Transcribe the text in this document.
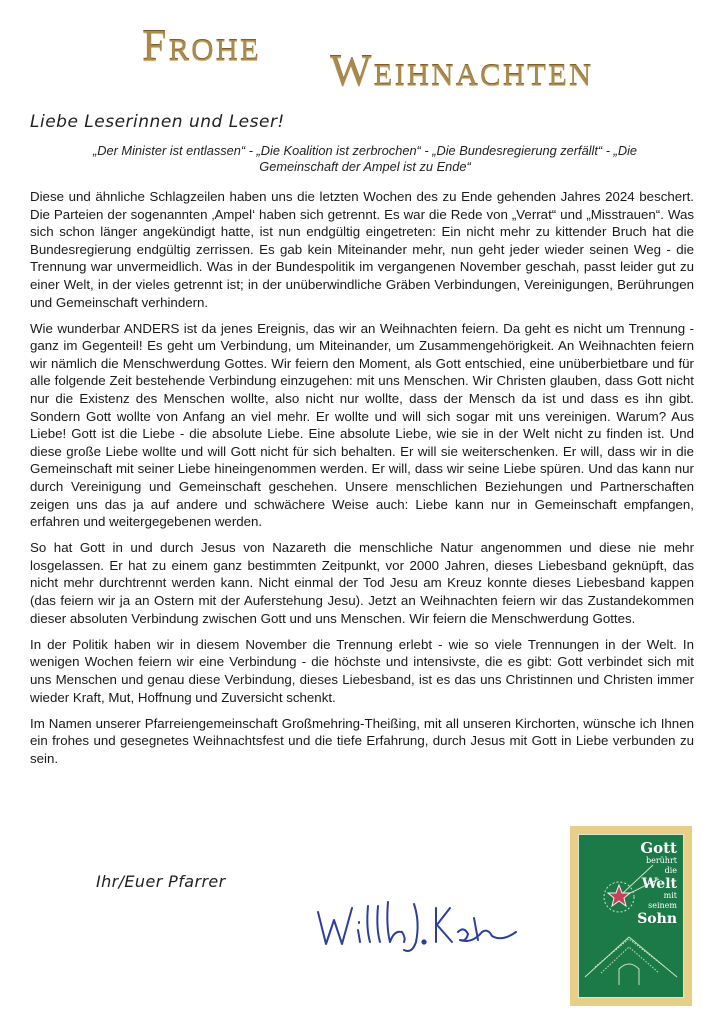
Frohe
Weihnachten
Liebe Leserinnen und Leser!
„Der Minister ist entlassen“ - „Die Koalition ist zerbrochen“ - „Die Bundesregierung zerfällt“ - „Die Gemeinschaft der Ampel ist zu Ende“

Diese und ähnliche Schlagzeilen haben uns die letzten Wochen des zu Ende gehenden Jahres 2024 beschert. Die Parteien der sogenannten ‚Ampel‘ haben sich getrennt. Es war die Rede von „Verrat“ und „Misstrauen“. Was sich schon länger angekündigt hatte, ist nun endgültig eingetreten: Ein nicht mehr zu kittender Bruch hat die Bundesregierung endgültig zerrissen. Es gab kein Miteinander mehr, nun geht jeder wieder seinen Weg - die Trennung war unvermeidlich. Was in der Bundespolitik im vergangenen November geschah, passt leider gut zu einer Welt, in der vieles getrennt ist; in der unüberwindliche Gräben Verbindungen, Vereinigungen, Berührungen und Gemeinschaft verhindern.

Wie wunderbar ANDERS ist da jenes Ereignis, das wir an Weihnachten feiern. Da geht es nicht um Trennung - ganz im Gegenteil! Es geht um Verbindung, um Miteinander, um Zusammengehörigkeit. An Weihnachten feiern wir nämlich die Menschwerdung Gottes. Wir feiern den Moment, als Gott entschied, eine unüberbietbare und für alle folgende Zeit bestehende Verbindung einzugehen: mit uns Menschen. Wir Christen glauben, dass Gott nicht nur die Existenz des Menschen wollte, also nicht nur wollte, dass der Mensch da ist und dass es ihn gibt. Sondern Gott wollte von Anfang an viel mehr. Er wollte und will sich sogar mit uns vereinigen. Warum? Aus Liebe! Gott ist die Liebe - die absolute Liebe. Eine absolute Liebe, wie sie in der Welt nicht zu finden ist. Und diese große Liebe wollte und will Gott nicht für sich behalten. Er will sie weiterschenken. Er will, dass wir in die Gemeinschaft mit seiner Liebe hineingenommen werden. Er will, dass wir seine Liebe spüren. Und das kann nur durch Vereinigung und Gemeinschaft geschehen. Unsere menschlichen Beziehungen und Partnerschaften zeigen uns das ja auf andere und schwächere Weise auch: Liebe kann nur in Gemeinschaft empfangen, erfahren und weitergegebenen werden.

So hat Gott in und durch Jesus von Nazareth die menschliche Natur angenommen und diese nie mehr losgelassen. Er hat zu einem ganz bestimmten Zeitpunkt, vor 2000 Jahren, dieses Liebesband geknüpft, das nicht mehr durchtrennt werden kann. Nicht einmal der Tod Jesu am Kreuz konnte dieses Liebesband kappen (das feiern wir ja an Ostern mit der Auferstehung Jesu). Jetzt an Weihnachten feiern wir das Zustandekommen dieser absoluten Verbindung zwischen Gott und uns Menschen. Wir feiern die Menschwerdung Gottes.

In der Politik haben wir in diesem November die Trennung erlebt - wie so viele Trennungen in der Welt. In wenigen Wochen feiern wir eine Verbindung - die höchste und intensivste, die es gibt: Gott verbindet sich mit uns Menschen und genau diese Verbindung, dieses Liebesband, ist es das uns Christinnen und Christen immer wieder Kraft, Mut, Hoffnung und Zuversicht schenkt.

Im Namen unserer Pfarreiengemeinschaft Großmehring-Theißing, mit all unseren Kirchorten, wünsche ich Ihnen ein frohes und gesegnetes Weihnachtsfest und die tiefe Erfahrung, durch Jesus mit Gott in Liebe verbunden zu sein.

Ihr/Euer Pfarrer
Gott
berührt
die
Welt
mit
seinem
Sohn
